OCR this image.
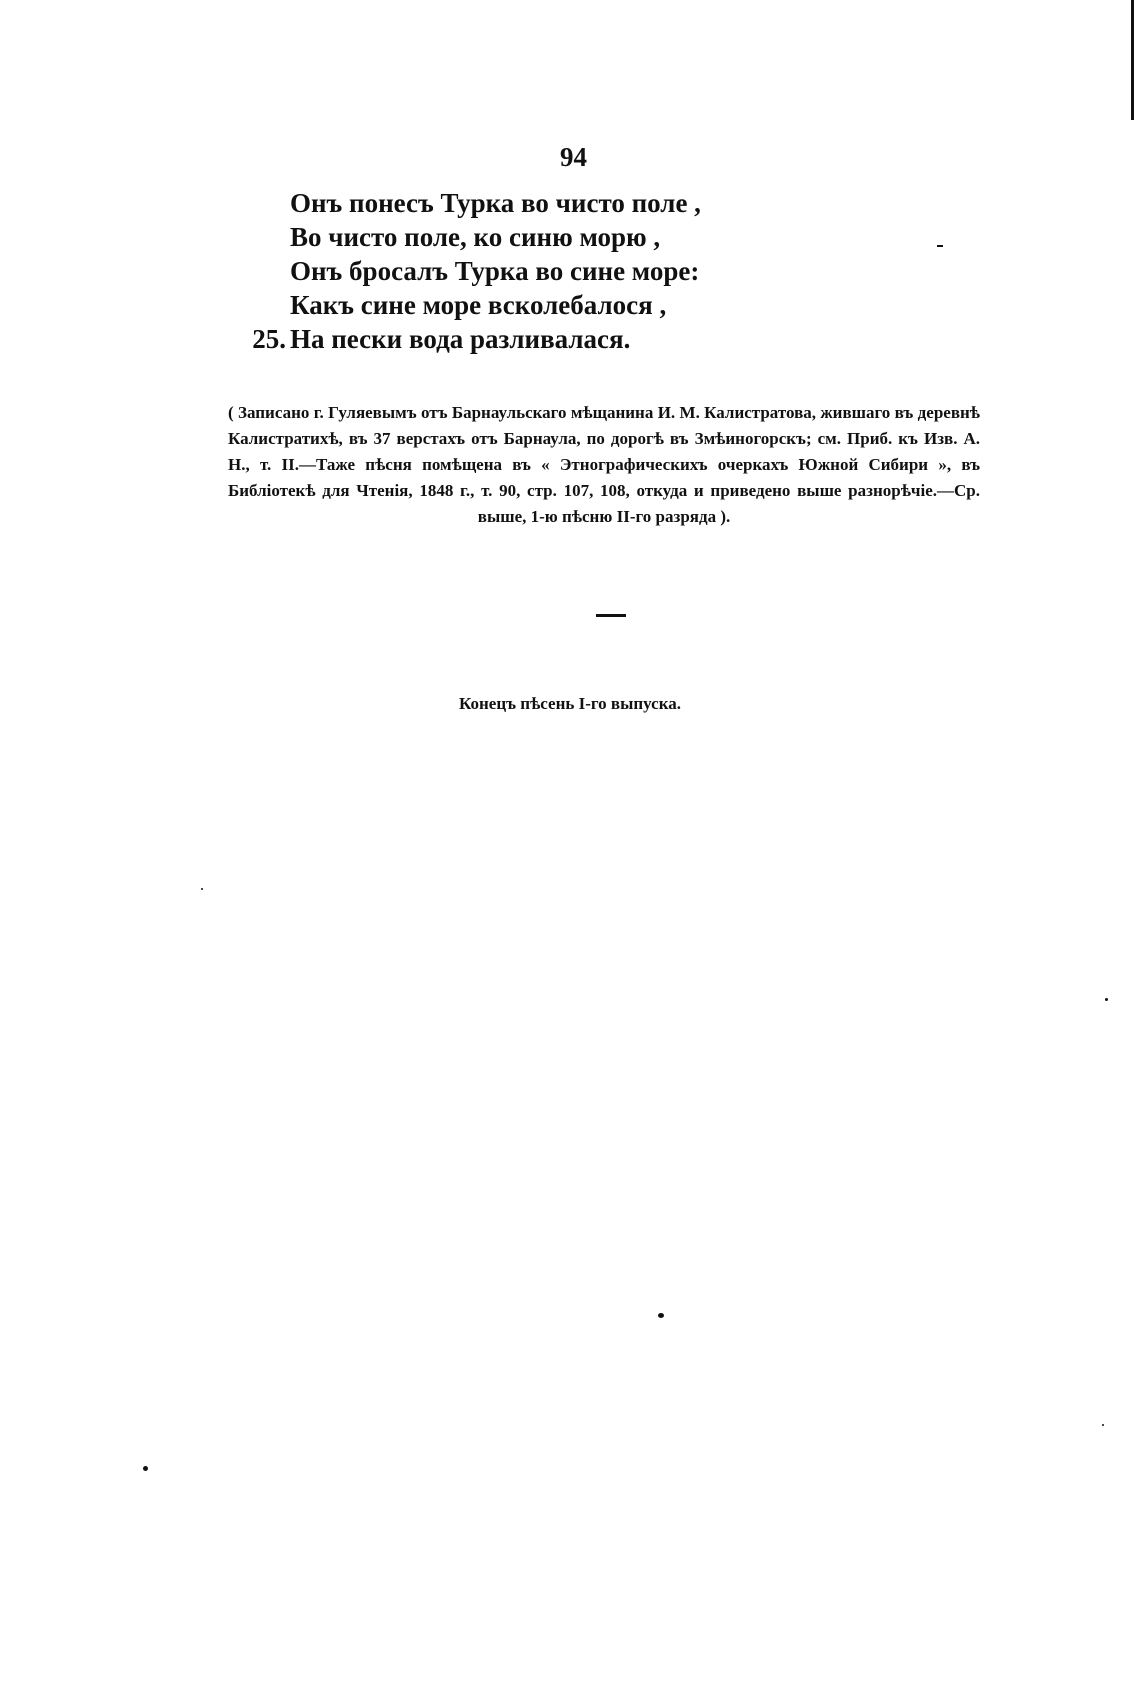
94
Онъ понесъ Турка во чисто поле ,
Во чисто поле, ко синю морю ,
Онъ бросалъ Турка во сине море:
Какъ сине море всколебалося ,
25. На пески вода разливалася.
( Записано г. Гуляевымъ отъ Барнаульскаго мѣщанина И. М. Калистратова, жившаго въ деревнѣ Калистратихѣ, въ 37 верстахъ отъ Барнаула, по дорогѣ въ Змѣиногорскъ; см. Приб. къ Изв. А. Н., т. II.—Таже пѣсня помѣщена въ « Этнографическихъ очеркахъ Южной Сибири », въ Библіотекѣ для Чтенія, 1848 г., т. 90, стр. 107, 108, откуда и приведено выше разнорѣчіе.—Ср. выше, 1-ю пѣсню II-го разряда ).
Конецъ пѣсень I-го выпуска.
